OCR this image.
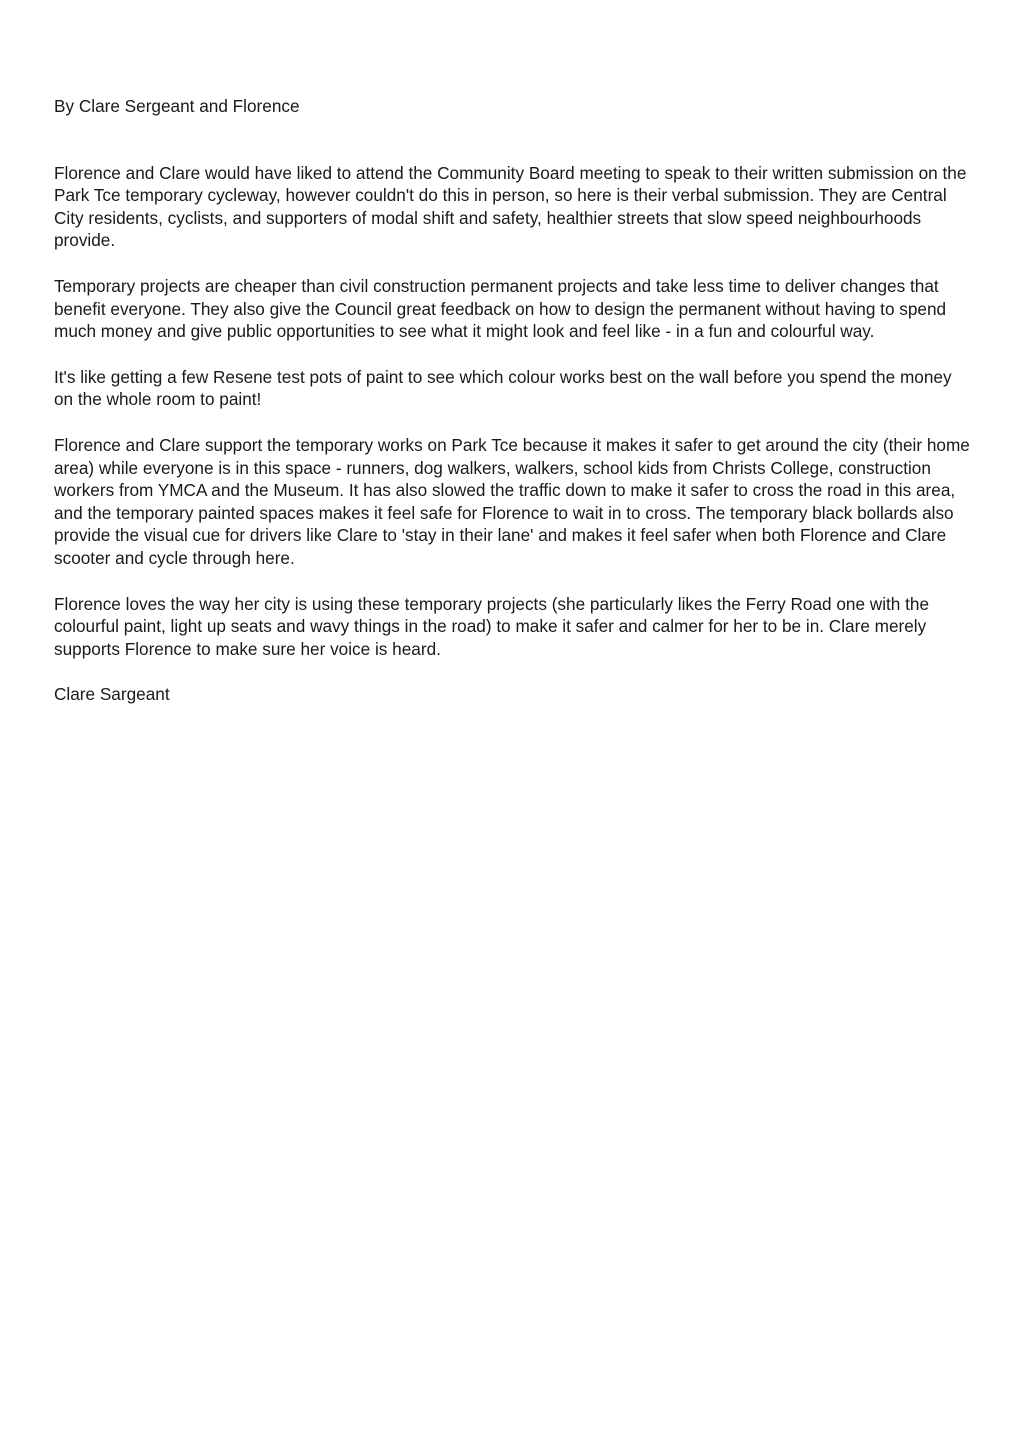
By Clare Sergeant and Florence

Florence and Clare would have liked to attend the Community Board meeting to speak to their written submission on the Park Tce temporary cycleway, however couldn't do this in person, so here is their verbal submission. They are Central City residents, cyclists, and supporters of modal shift and safety, healthier streets that slow speed neighbourhoods provide.

Temporary projects are cheaper than civil construction permanent projects and take less time to deliver changes that benefit everyone. They also give the Council great feedback on how to design the permanent without having to spend much money and give public opportunities to see what it might look and feel like - in a fun and colourful way.

It's like getting a few Resene test pots of paint to see which colour works best on the wall before you spend the money on the whole room to paint!

Florence and Clare support the temporary works on Park Tce because it makes it safer to get around the city (their home area) while everyone is in this space - runners, dog walkers, walkers, school kids from Christs College, construction workers from YMCA and the Museum. It has also slowed the traffic down to make it safer to cross the road in this area, and the temporary painted spaces makes it feel safe for Florence to wait in to cross. The temporary black bollards also provide the visual cue for drivers like Clare to 'stay in their lane' and makes it feel safer when both Florence and Clare scooter and cycle through here.

Florence loves the way her city is using these temporary projects (she particularly likes the Ferry Road one with the colourful paint, light up seats and wavy things in the road) to make it safer and calmer for her to be in. Clare merely supports Florence to make sure her voice is heard.

Clare Sargeant
